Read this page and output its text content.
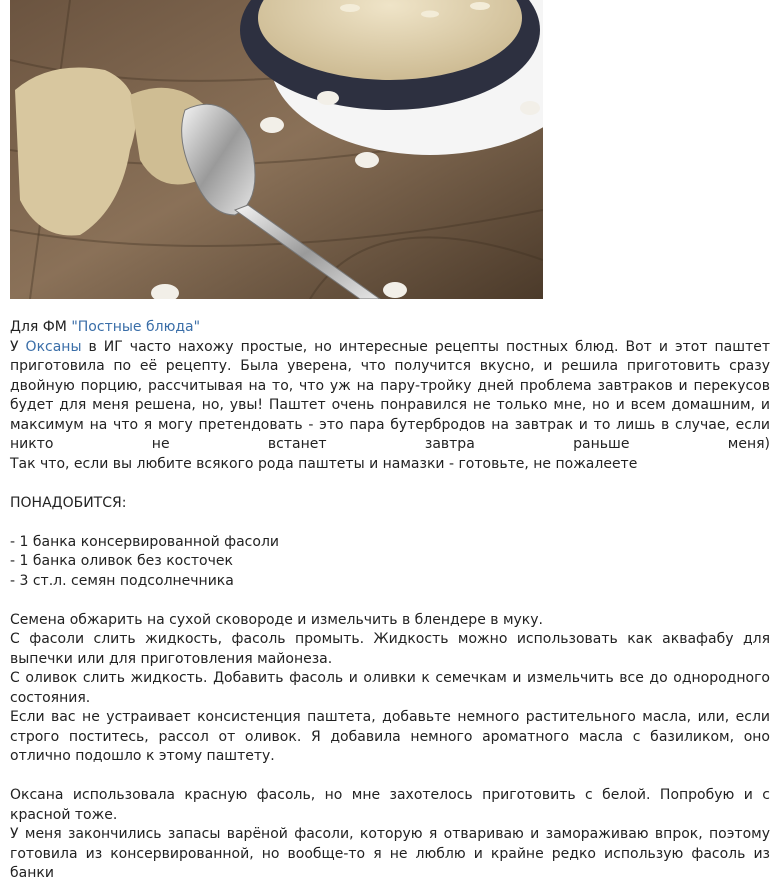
Для ФМ "Постные блюда"

У Оксаны в ИГ часто нахожу простые, но интересные рецепты постных блюд. Вот и этот паштет приготовила по её рецепту. Была уверена, что получится вкусно, и решила приготовить сразу двойную порцию, рассчитывая на то, что уж на пару-тройку дней проблема завтраков и перекусов будет для меня решена, но, увы! Паштет очень понравился не только мне, но и всем домашним, и максимум на что я могу претендовать - это пара бутербродов на завтрак и то лишь в случае, если никто не встанет завтра раньше меня)

Так что, если вы любите всякого рода паштеты и намазки - готовьте, не пожалеете

ПОНАДОБИТСЯ:

- 1 банка консервированной фасоли

- 1 банка оливок без косточек

- 3 ст.л. семян подсолнечника

Семена обжарить на сухой сковороде и измельчить в блендере в муку.

С фасоли слить жидкость, фасоль промыть. Жидкость можно использовать как аквафабу для выпечки или для приготовления майонеза.

С оливок слить жидкость. Добавить фасоль и оливки к семечкам и измельчить все до однородного состояния.

Если вас не устраивает консистенция паштета, добавьте немного растительного масла, или, если строго поститесь, рассол от оливок. Я добавила немного ароматного масла с базиликом, оно отлично подошло к этому паштету.

Оксана использовала красную фасоль, но мне захотелось приготовить с белой. Попробую и с красной тоже.

У меня закончились запасы варёной фасоли, которую я отвариваю и замораживаю впрок, поэтому готовила из консервированной, но вообще-то я не люблю и крайне редко использую фасоль из банки
